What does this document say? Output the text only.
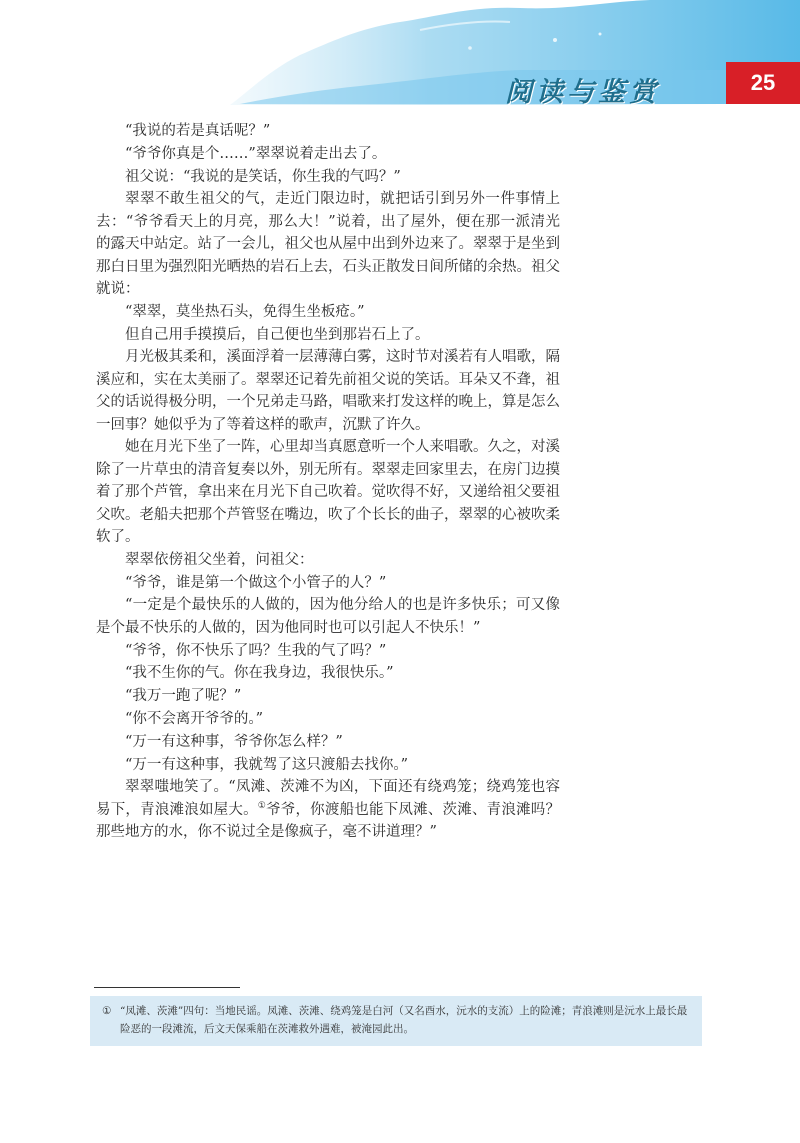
阅读与鉴赏	25

“我说的若是真话呢？”

“爷爷你真是个……”翠翠说着走出去了。

祖父说：“我说的是笑话，你生我的气吗？”

翠翠不敢生祖父的气，走近门限边时，就把话引到另外一件事情上去：“爷爷看天上的月亮，那么大！”说着，出了屋外，便在那一派清光的露天中站定。站了一会儿，祖父也从屋中出到外边来了。翠翠于是坐到那白日里为强烈阳光晒热的岩石上去，石头正散发日间所储的余热。祖父就说：

“翠翠，莫坐热石头，免得生坐板疮。”

但自己用手摸摸后，自己便也坐到那岩石上了。

月光极其柔和，溪面浮着一层薄薄白雾，这时节对溪若有人唱歌，隔溪应和，实在太美丽了。翠翠还记着先前祖父说的笑话。耳朵又不聋，祖父的话说得极分明，一个兄弟走马路，唱歌来打发这样的晚上，算是怎么一回事？她似乎为了等着这样的歌声，沉默了许久。

她在月光下坐了一阵，心里却当真愿意听一个人来唱歌。久之，对溪除了一片草虫的清音复奏以外，别无所有。翠翠走回家里去，在房门边摸着了那个芦管，拿出来在月光下自己吹着。觉吹得不好，又递给祖父要祖父吹。老船夫把那个芦管竖在嘴边，吹了个长长的曲子，翠翠的心被吹柔软了。

翠翠依傍祖父坐着，问祖父：

“爷爷，谁是第一个做这个小管子的人？”

“一定是个最快乐的人做的，因为他分给人的也是许多快乐；可又像是个最不快乐的人做的，因为他同时也可以引起人不快乐！”

“爷爷，你不快乐了吗？生我的气了吗？”

“我不生你的气。你在我身边，我很快乐。”

“我万一跑了呢？”

“你不会离开爷爷的。”

“万一有这种事，爷爷你怎么样？”

“万一有这种事，我就驾了这只渡船去找你。”

翠翠嗤地笑了。“凤滩、茨滩不为凶，下面还有绕鸡笼；绕鸡笼也容易下，青浪滩浪如屋大。①爷爷，你渡船也能下凤滩、茨滩、青浪滩吗？那些地方的水，你不说过全是像疯子，毫不讲道理？”

① “凤滩、茨滩”四句：当地民谣。凤滩、茨滩、绕鸡笼是白河（又名酉水，沅水的支流）上的险滩；青浪滩则是沅水上最长最险恶的一段滩流，后文天保乘船在茨滩救外遇难，被淹园此出。
